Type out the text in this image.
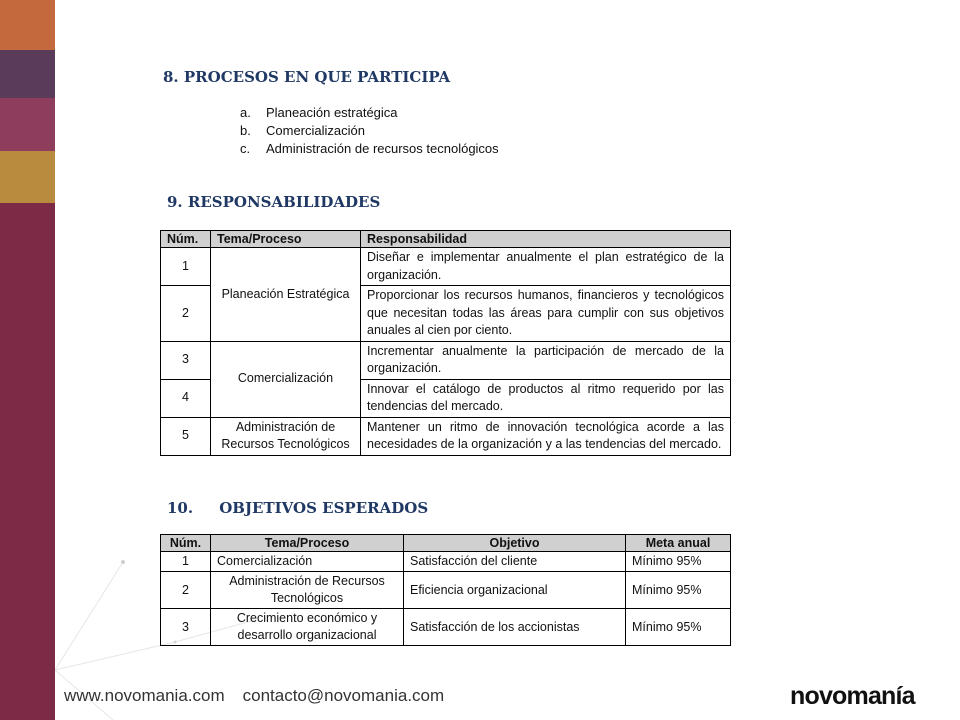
8. PROCESOS EN QUE PARTICIPA
a. Planeación estratégica
b. Comercialización
c. Administración de recursos tecnológicos
9. RESPONSABILIDADES
Núm.	Tema/Proceso	Responsabilidad
1	Planeación Estratégica	Diseñar e implementar anualmente el plan estratégico de la organización.
2		Proporcionar los recursos humanos, financieros y tecnológicos que necesitan todas las áreas para cumplir con sus objetivos anuales al cien por ciento.
3	Comercialización	Incrementar anualmente la participación de mercado de la organización.
4		Innovar el catálogo de productos al ritmo requerido por las tendencias del mercado.
5	Administración de Recursos Tecnológicos	Mantener un ritmo de innovación tecnológica acorde a las necesidades de la organización y a las tendencias del mercado.
10.     OBJETIVOS ESPERADOS
Núm.	Tema/Proceso	Objetivo	Meta anual
1	Comercialización	Satisfacción del cliente	Mínimo 95%
2	Administración de Recursos Tecnológicos	Eficiencia organizacional	Mínimo 95%
3	Crecimiento económico y desarrollo organizacional	Satisfacción de los accionistas	Mínimo 95%
www.novomania.com contacto@novomania.com	novomanía
